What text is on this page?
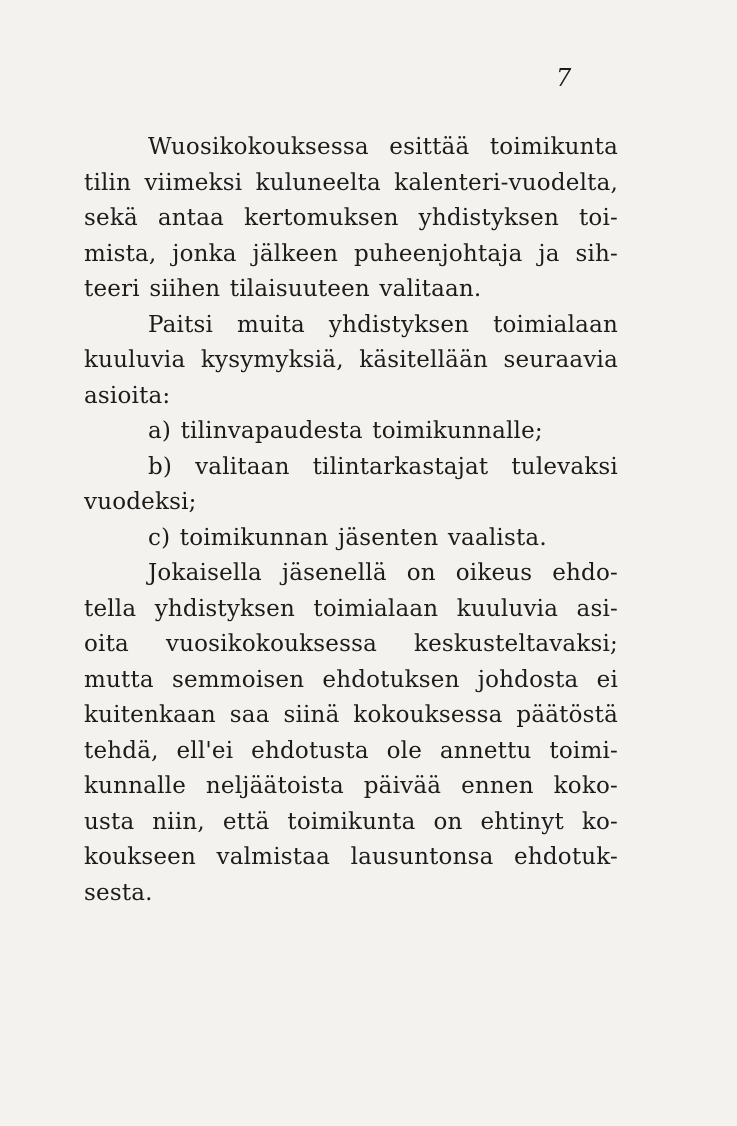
7
Wuosikokouksessa esittää toimikunta
tilin viimeksi kuluneelta kalenteri-vuodelta,
sekä antaa kertomuksen yhdistyksen toi-
mista, jonka jälkeen puheenjohtaja ja sih-
teeri siihen tilaisuuteen valitaan.
Paitsi muita yhdistyksen toimialaan
kuuluvia kysymyksiä, käsitellään seuraavia
asioita:
a) tilinvapaudesta toimikunnalle;
b) valitaan tilintarkastajat tulevaksi
vuodeksi;
c) toimikunnan jäsenten vaalista.
Jokaisella jäsenellä on oikeus ehdo-
tella yhdistyksen toimialaan kuuluvia asi-
oita vuosikokouksessa keskusteltavaksi;
mutta semmoisen ehdotuksen johdosta ei
kuitenkaan saa siinä kokouksessa päätöstä
tehdä, ell'ei ehdotusta ole annettu toimi-
kunnalle neljäätoista päivää ennen koko-
usta niin, että toimikunta on ehtinyt ko-
koukseen valmistaa lausuntonsa ehdotuk-
sesta.
